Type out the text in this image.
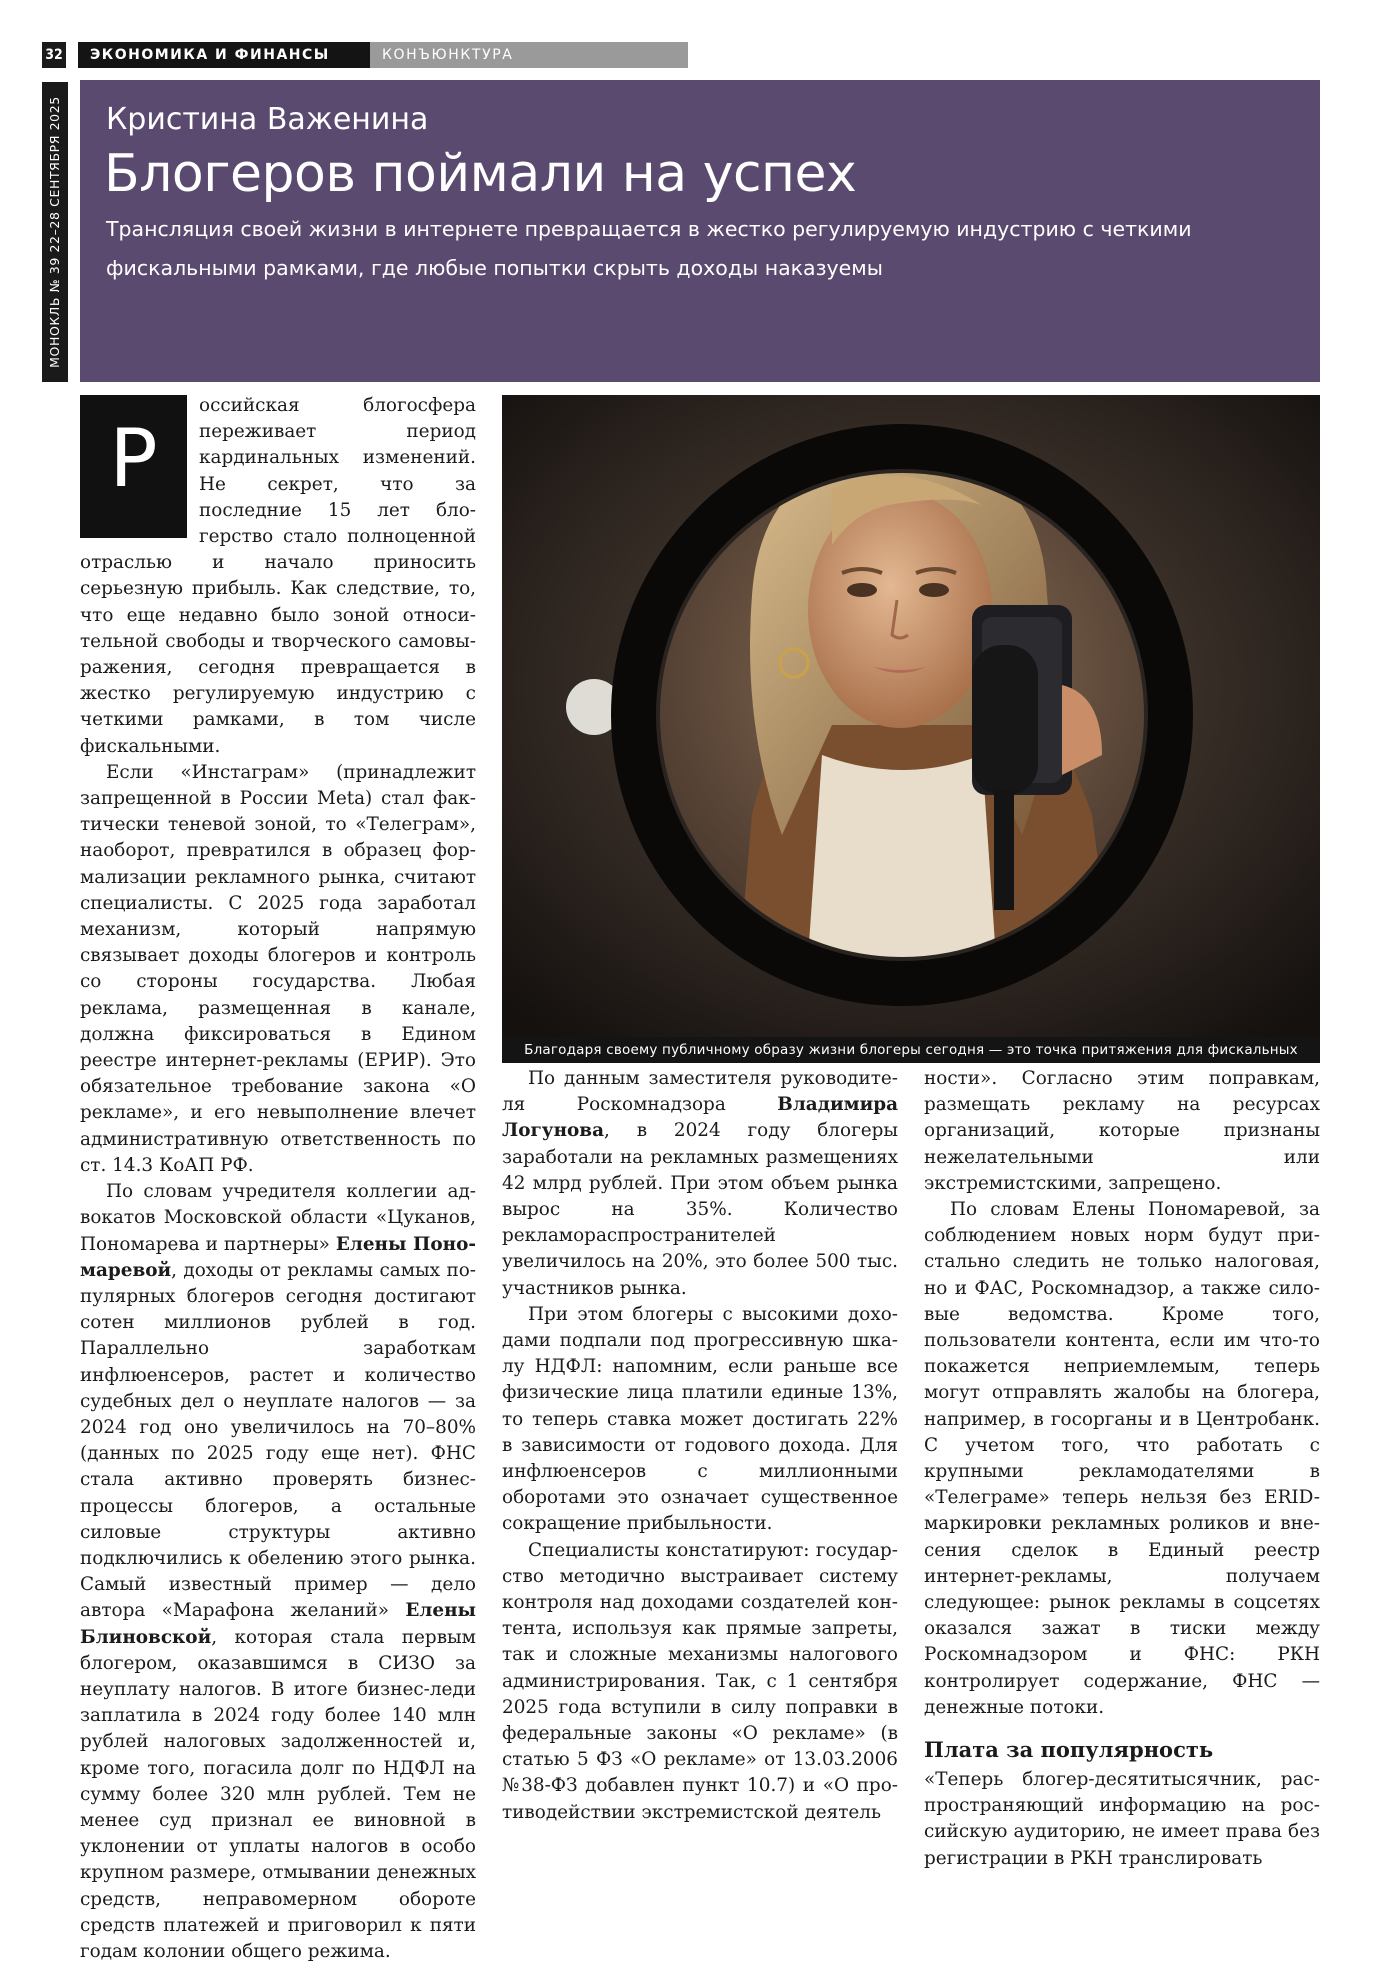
32	ЭКОНОМИКА И ФИНАНСЫ	КОНЪЮНКТУРА
МОНОКЛЬ № 39 22–28 СЕНТЯБРЯ 2025 Кристина Важенина
Блогеров поймали на успех
Трансляция своей жизни в интернете превращается в жестко регулируемую индустрию с четкими фискальными рамками, где любые попытки скрыть доходы наказуемы
Благодаря своему публичному образу жизни блогеры сегодня — это точка притяжения для фискальных
Р

оссийская блогосфера переживает период кардинальных изменений. Не секрет, что за последние 15 лет блогерство стало полноценной отраслью и начало приносить серьезную прибыль. Как следствие, то, что еще недавно было зоной относительной свободы и творческого самовыражения, сегодня превращается в жестко регулируемую индустрию с четкими рамками, в том числе фискальными.

Если «Инстаграм» (принадлежит запрещенной в России Meta) стал фактически теневой зоной, то «Телеграм», наоборот, превратился в образец формализации рекламного рынка, считают специалисты. С 2025 года заработал механизм, который напрямую связывает доходы блогеров и контроль со стороны государства. Любая реклама, размещенная в канале, должна фиксироваться в Едином реестре интернет-рекламы (ЕРИР). Это обязательное требование закона «О рекламе», и его невыполнение влечет административную ответственность по ст. 14.3 КоАП РФ.

По словам учредителя коллегии адвокатов Московской области «Цуканов, Пономарева и партнеры» Елены Пономаревой, доходы от рекламы самых популярных блогеров сегодня достигают сотен миллионов рублей в год. Параллельно заработкам инфлюенсеров, растет и количество судебных дел о неуплате налогов — за 2024 год оно увеличилось на 70–80% (данных по 2025 году еще нет). ФНС стала активно проверять бизнес-процессы блогеров, а остальные силовые структуры активно подключились к обелению этого рынка. Самый известный пример — дело автора «Марафона желаний» Елены Блиновской, которая стала первым блогером, оказавшимся в СИЗО за неуплату налогов. В итоге бизнес-леди заплатила в 2024 году более 140 млн рублей налоговых задолженностей и, кроме того, погасила долг по НДФЛ на сумму более 320 млн рублей. Тем не менее суд признал ее виновной в уклонении от уплаты налогов в особо крупном размере, отмывании денежных средств, неправомерном обороте средств платежей и приговорил к пяти годам колонии общего режима.

По данным заместителя руководителя Роскомнадзора Владимира Логунова, в 2024 году блогеры заработали на рекламных размещениях 42 млрд рублей. При этом объем рынка вырос на 35%. Количество рекламораспространителей увеличилось на 20%, это более 500 тыс. участников рынка.

При этом блогеры с высокими доходами подпали под прогрессивную шкалу НДФЛ: напомним, если раньше все физические лица платили единые 13%, то теперь ставка может достигать 22% в зависимости от годового дохода. Для инфлюенсеров с миллионными оборотами это означает существенное сокращение прибыльности.

Специалисты констатируют: государство методично выстраивает систему контроля над доходами создателей контента, используя как прямые запреты, так и сложные механизмы налогового администрирования. Так, с 1 сентября 2025 года вступили в силу поправки в федеральные законы «О рекламе» (в статью 5 ФЗ «О рекламе» от 13.03.2006 №38-ФЗ добавлен пункт 10.7) и «О противодействии экстремистской деятель

ности». Согласно этим поправкам, размещать рекламу на ресурсах организаций, которые признаны нежелательными или экстремистскими, запрещено.

По словам Елены Пономаревой, за соблюдением новых норм будут пристально следить не только налоговая, но и ФАС, Роскомнадзор, а также силовые ведомства. Кроме того, пользователи контента, если им что-то покажется неприемлемым, теперь могут отправлять жалобы на блогера, например, в госорганы и в Центробанк. С учетом того, что работать с крупными рекламодателями в «Телеграме» теперь нельзя без ERID-маркировки рекламных роликов и внесения сделок в Единый реестр интернет-рекламы, получаем следующее: рынок рекламы в соцсетях оказался зажат в тиски между Роскомнадзором и ФНС: РКН контролирует содержание, ФНС — денежные потоки.

Плата за популярность

«Теперь блогер-десятитысячник, распространяющий информацию на российскую аудиторию, не имеет права без регистрации в РКН транслировать
